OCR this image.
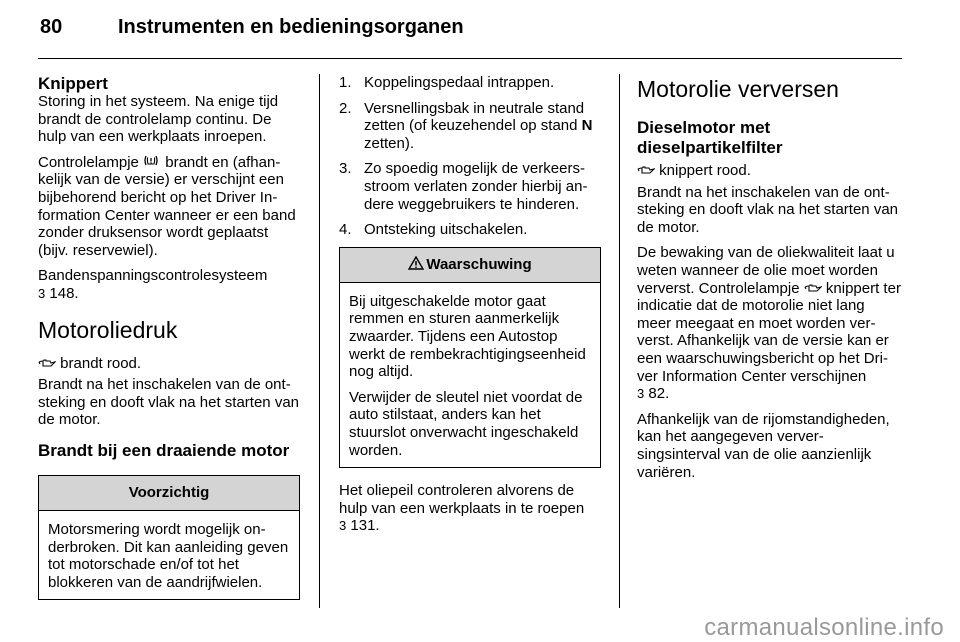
80	Instrumenten en bedieningsorganen
Knippert

Storing in het systeem. Na enige tijd brandt de controlelamp continu. De hulp van een werkplaats inroepen.

Controlelampje  brandt en (afhankelijk van de versie) er verschijnt een bijbehorend bericht op het Driver Information Center wanneer er een band zonder druksensor wordt geplaatst (bijv. reservewiel).

Bandenspanningscontrolesysteem
3 148.

Motoroliedruk

brandt rood.

Brandt na het inschakelen van de ontsteking en dooft vlak na het starten van de motor.

Brandt bij een draaiende motor
Voorzichtig

Motorsmering wordt mogelijk onderbroken. Dit kan aanleiding geven tot motorschade en/of tot het blokkeren van de aandrijfwielen.

1. Koppelingspedaal intrappen.
2. Versnellingsbak in neutrale stand zetten (of keuzehendel op stand N zetten).
3. Zo spoedig mogelijk de verkeersstroom verlaten zonder hierbij andere weggebruikers te hinderen.
4. Ontsteking uitschakelen.
Waarschuwing

Bij uitgeschakelde motor gaat remmen en sturen aanmerkelijk zwaarder. Tijdens een Autostop werkt de rembekrachtigingseenheid nog altijd.

Verwijder de sleutel niet voordat de auto stilstaat, anders kan het stuurslot onverwacht ingeschakeld worden.

Het oliepeil controleren alvorens de hulp van een werkplaats in te roepen
3 131.

Motorolie verversen
Dieselmotor met dieselpartikelfilter

knippert rood.

Brandt na het inschakelen van de ontsteking en dooft vlak na het starten van de motor.

De bewaking van de oliekwaliteit laat u weten wanneer de olie moet worden ververst. Controlelampje  knippert ter indicatie dat de motorolie niet lang meer meegaat en moet worden ververst. Afhankelijk van de versie kan er een waarschuwingsbericht op het Driver Information Center verschijnen
3 82.

Afhankelijk van de rijomstandigheden, kan het aangegeven verversingsinterval van de olie aanzienlijk variëren.

carmanualsonline.info
